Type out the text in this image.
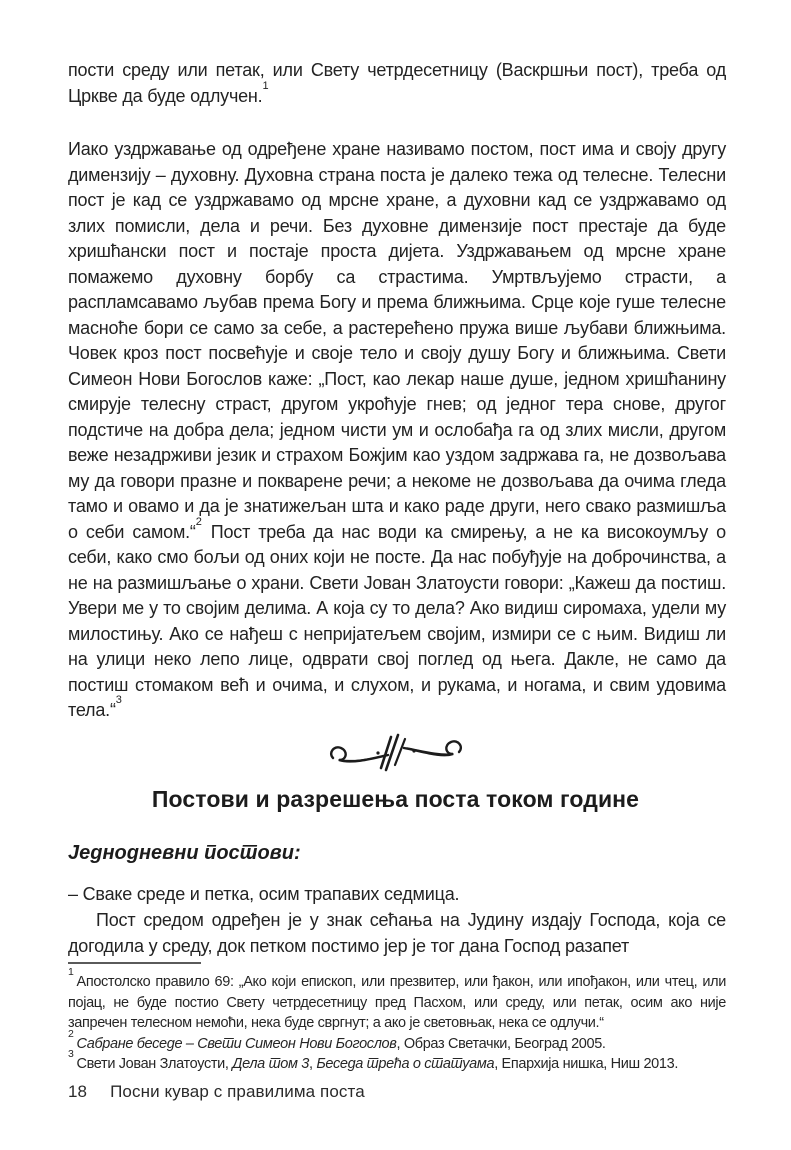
пости среду или петак, или Свету четрдесетницу (Васкршњи пост), треба од Цркве да буде одлучен.$^1$

Иако уздржавање од одређене хране називамо постом, пост има и своју другу димензију – духовну. Духовна страна поста је далеко тежа од телесне. Телесни пост је кад се уздржавамо од мрсне хране, а духовни кад се уздржавамо од злих помисли, дела и речи. Без духовне димензије пост престаје да буде хришћански пост и постаје проста дијета. Уздржавањем од мрсне хране помажемо духовну борбу са страстима. Умртвљујемо страсти, а распламсавамо љубав према Богу и према ближњима. Срце које гуше телесне масноће бори се само за себе, а растерећено пружа више љубави ближњима. Човек кроз пост посвећује и своје тело и своју душу Богу и ближњима. Свети Симеон Нови Богослов каже: „Пост, као лекар наше душе, једном хришћанину смирује телесну страст, другом укроћује гнев; од једног тера снове, другог подстиче на добра дела; једном чисти ум и ослобађа га од злих мисли, другом веже незадрживи језик и страхом Божјим као уздом задржава га, не дозвољава му да говори празне и покварене речи; а некоме не дозвољава да очима гледа тамо и овамо и да је знатижељан шта и како раде други, него свако размишља о себи самом.“$^2$ Пост треба да нас води ка смирењу, а не ка високоумљу о себи, како смо бољи од оних који не посте. Да нас побуђује на доброчинства, а не на размишљање о храни. Свети Јован Златоусти говори: „Кажеш да постиш. Увери ме у то својим делима. А која су то дела? Ако видиш сиромаха, удели му милостињу. Ако се нађеш с непријатељем својим, измири се с њим. Видиш ли на улици неко лепо лице, одврати свој поглед од њега. Дакле, не само да постиш стомаком већ и очима, и слухом, и рукама, и ногама, и свим удовима тела.“$^3$

Постови и разрешења поста током године
Једнодневни постови:

– Сваке среде и петка, осим трапавих седмица.

Пост средом одређен је у знак сећања на Јудину издају Господа, која се догодила у среду, док петком постимо јер је тог дана Господ разапет

$^1$Апостолско правило 69: „Ако који епископ, или презвитер, или ђакон, или ипођакон, или чтец, или појац, не буде постио Свету четрдесетницу пред Пасхом, или среду, или петак, осим ако није запречен телесном немоћи, нека буде свргнут; а ако је световњак, нека се одлучи.“

$^2$Сабране беседе – Свети Симеон Нови Богослов, Образ Светачки, Београд 2005.

$^3$Свети Јован Златоусти, Дела том 3, Беседа трећа о статуама, Епархија нишка, Ниш 2013.

18 Посни кувар с правилима поста
